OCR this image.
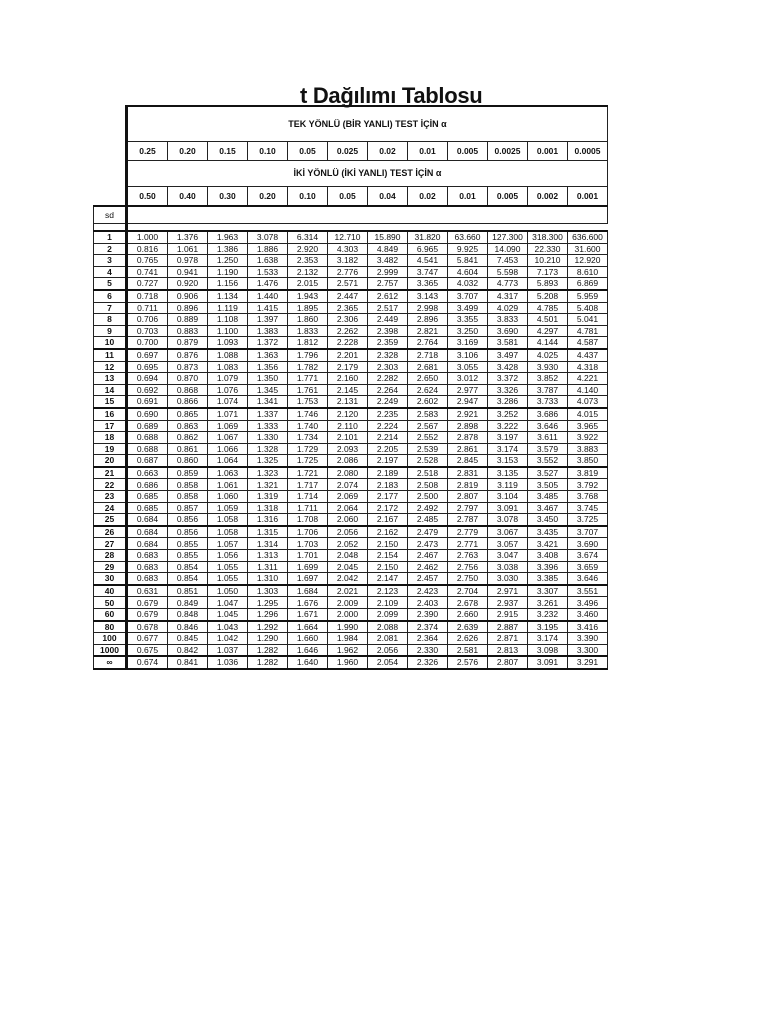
t Dağılımı Tablosu
	TEK YÖNLÜ (BİR YANLI) TEST İÇİN α											
	0.25	0.20	0.15	0.10	0.05	0.025	0.02	0.01	0.005	0.0025	0.001	0.0005
	İKİ YÖNLÜ (İKİ YANLI) TEST İÇİN α											
	0.50	0.40	0.30	0.20	0.10	0.05	0.04	0.02	0.01	0.005	0.002	0.001
sd												

1	1.000	1.376	1.963	3.078	6.314	12.710	15.890	31.820	63.660	127.300	318.300	636.600
2	0.816	1.061	1.386	1.886	2.920	4.303	4.849	6.965	9.925	14.090	22.330	31.600
3	0.765	0.978	1.250	1.638	2.353	3.182	3.482	4.541	5.841	7.453	10.210	12.920
4	0.741	0.941	1.190	1.533	2.132	2.776	2.999	3.747	4.604	5.598	7.173	8.610
5	0.727	0.920	1.156	1.476	2.015	2.571	2.757	3.365	4.032	4.773	5.893	6.869
6	0.718	0.906	1.134	1.440	1.943	2.447	2.612	3.143	3.707	4.317	5.208	5.959
7	0.711	0.896	1.119	1.415	1.895	2.365	2.517	2.998	3.499	4.029	4.785	5.408
8	0.706	0.889	1.108	1.397	1.860	2.306	2.449	2.896	3.355	3.833	4.501	5.041
9	0.703	0.883	1.100	1.383	1.833	2.262	2.398	2.821	3.250	3.690	4.297	4.781
10	0.700	0.879	1.093	1.372	1.812	2.228	2.359	2.764	3.169	3.581	4.144	4.587
11	0.697	0.876	1.088	1.363	1.796	2.201	2.328	2.718	3.106	3.497	4.025	4.437
12	0.695	0.873	1.083	1.356	1.782	2.179	2.303	2.681	3.055	3.428	3.930	4.318
13	0.694	0.870	1.079	1.350	1.771	2.160	2.282	2.650	3.012	3.372	3.852	4.221
14	0.692	0.868	1.076	1.345	1.761	2.145	2.264	2.624	2.977	3.326	3.787	4.140
15	0.691	0.866	1.074	1.341	1.753	2.131	2.249	2.602	2.947	3.286	3.733	4.073
16	0.690	0.865	1.071	1.337	1.746	2.120	2.235	2.583	2.921	3.252	3.686	4.015
17	0.689	0.863	1.069	1.333	1.740	2.110	2.224	2.567	2.898	3.222	3.646	3.965
18	0.688	0.862	1.067	1.330	1.734	2.101	2.214	2.552	2.878	3.197	3.611	3.922
19	0.688	0.861	1.066	1.328	1.729	2.093	2.205	2.539	2.861	3.174	3.579	3.883
20	0.687	0.860	1.064	1.325	1.725	2.086	2.197	2.528	2.845	3.153	3.552	3.850
21	0.663	0.859	1.063	1.323	1.721	2.080	2.189	2.518	2.831	3.135	3.527	3.819
22	0.686	0.858	1.061	1.321	1.717	2.074	2.183	2.508	2.819	3.119	3.505	3.792
23	0.685	0.858	1.060	1.319	1.714	2.069	2.177	2.500	2.807	3.104	3.485	3.768
24	0.685	0.857	1.059	1.318	1.711	2.064	2.172	2.492	2.797	3.091	3.467	3.745
25	0.684	0.856	1.058	1.316	1.708	2.060	2.167	2.485	2.787	3.078	3.450	3.725
26	0.684	0.856	1.058	1.315	1.706	2.056	2.162	2.479	2.779	3.067	3.435	3.707
27	0.684	0.855	1.057	1.314	1.703	2.052	2.150	2.473	2.771	3.057	3.421	3.690
28	0.683	0.855	1.056	1.313	1.701	2.048	2.154	2.467	2.763	3.047	3.408	3.674
29	0.683	0.854	1.055	1.311	1.699	2.045	2.150	2.462	2.756	3.038	3.396	3.659
30	0.683	0.854	1.055	1.310	1.697	2.042	2.147	2.457	2.750	3.030	3.385	3.646
40	0.631	0.851	1.050	1.303	1.684	2.021	2.123	2.423	2.704	2.971	3.307	3.551
50	0.679	0.849	1.047	1.295	1.676	2.009	2.109	2.403	2.678	2.937	3.261	3.496
60	0.679	0.848	1.045	1.296	1.671	2.000	2.099	2.390	2.660	2.915	3.232	3.460
80	0.678	0.846	1.043	1.292	1.664	1.990	2.088	2.374	2.639	2.887	3.195	3.416
100	0.677	0.845	1.042	1.290	1.660	1.984	2.081	2.364	2.626	2.871	3.174	3.390
1000	0.675	0.842	1.037	1.282	1.646	1.962	2.056	2.330	2.581	2.813	3.098	3.300
∞	0.674	0.841	1.036	1.282	1.640	1.960	2.054	2.326	2.576	2.807	3.091	3.291
